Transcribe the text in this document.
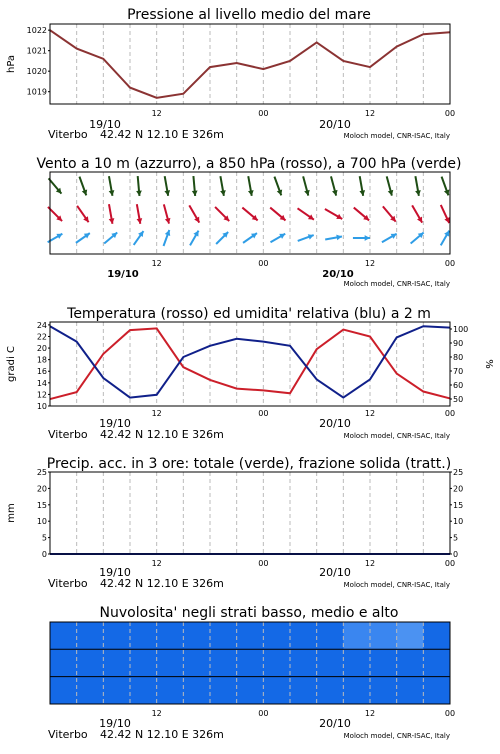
Pressione al livello medio del mare
hPa
1019
1020
1021
1022
12	00	12	00
19/10	20/10
Viterbo 42.42 N 12.10 E 326m	Moloch model, CNR-ISAC, Italy
Vento a 10 m (azzurro), a 850 hPa (rosso), a 700 hPa (verde)
12	00	12	00
19/10	20/10
Moloch model, CNR-ISAC, Italy
Temperatura (rosso) ed umidita' relativa (blu) a 2 m
gradi C	%
10
12
14
16
18
20
22
24
50
60
70
80
90
100
12	00	12	00
19/10	20/10
Viterbo 42.42 N 12.10 E 326m	Moloch model, CNR-ISAC, Italy
Precip. acc. in 3 ore: totale (verde), frazione solida (tratt.)
mm
0
5
10
15
20
25
0
5
10
15
20
25
12	00	12	00
19/10	20/10
Viterbo 42.42 N 12.10 E 326m	Moloch model, CNR-ISAC, Italy
Nuvolosita' negli strati basso, medio e alto
12	00	12	00
19/10	20/10
Viterbo 42.42 N 12.10 E 326m	Moloch model, CNR-ISAC, Italy
